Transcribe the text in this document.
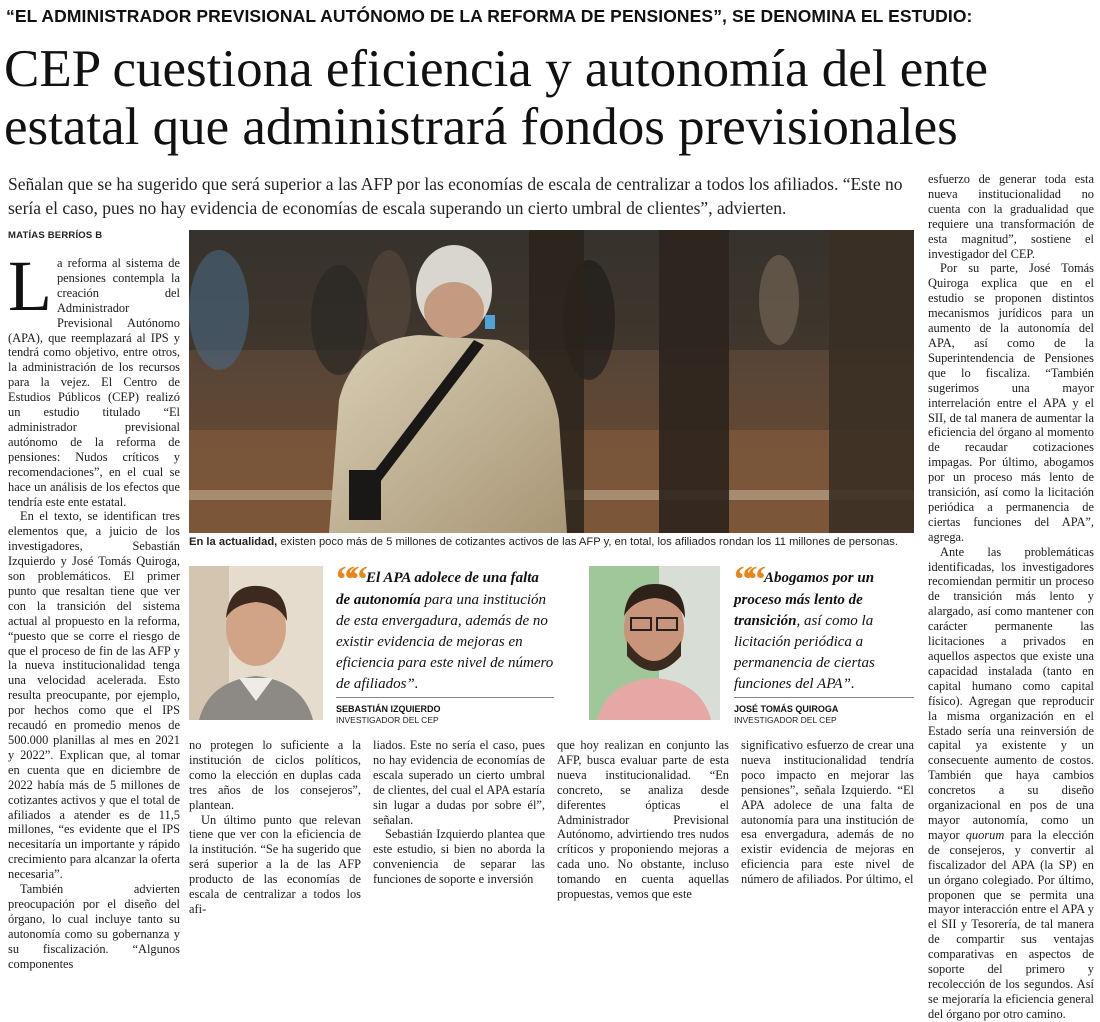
“EL ADMINISTRADOR PREVISIONAL AUTÓNOMO DE LA REFORMA DE PENSIONES”, SE DENOMINA EL ESTUDIO:
CEP cuestiona eficiencia y autonomía del ente
estatal que administrará fondos previsionales
Señalan que se ha sugerido que será superior a las AFP por las economías de escala de centralizar a todos los afiliados. “Este no sería el caso, pues no hay evidencia de economías de escala superando un cierto umbral de clientes”, advierten.
MATÍAS BERRÍOS B

La reforma al sistema de pensiones contempla la creación del Administrador Previsional Autónomo (APA), que reemplazará al IPS y tendrá como objetivo, entre otros, la administración de los recursos para la vejez. El Centro de Estudios Públicos (CEP) realizó un estudio titulado “El administrador previsional autónomo de la reforma de pensiones: Nudos críticos y recomendaciones”, en el cual se hace un análisis de los efectos que tendría este ente estatal.

En el texto, se identifican tres elementos que, a juicio de los investigadores, Sebastián Izquierdo y José Tomás Quiroga, son problemáticos. El primer punto que resaltan tiene que ver con la transición del sistema actual al propuesto en la reforma, “puesto que se corre el riesgo de que el proceso de fin de las AFP y la nueva institucionalidad tenga una velocidad acelerada. Esto resulta preocupante, por ejemplo, por hechos como que el IPS recaudó en promedio menos de 500.000 planillas al mes en 2021 y 2022”. Explican que, al tomar en cuenta que en diciembre de 2022 había más de 5 millones de cotizantes activos y que el total de afiliados a atender es de 11,5 millones, “es evidente que el IPS necesitaría un importante y rápido crecimiento para alcanzar la oferta necesaria”.

También advierten preocupación por el diseño del órgano, lo cual incluye tanto su autonomía como su gobernanza y su fiscalización. “Algunos componentes

En la actualidad, existen poco más de 5 millones de cotizantes activos de las AFP y, en total, los afiliados rondan los 11 millones de personas.
““ El APA adolece de una falta de autonomía para una institución de esta envergadura, además de no existir evidencia de mejoras en eficiencia para este nivel de número de afiliados”.
SEBASTIÁN IZQUIERDO
INVESTIGADOR DEL CEP
““ Abogamos por un proceso más lento de transición, así como la licitación periódica a permanencia de ciertas funciones del APA”.
JOSÉ TOMÁS QUIROGA
INVESTIGADOR DEL CEP

no protegen lo suficiente a la institución de ciclos políticos, como la elección en duplas cada tres años de los consejeros”, plantean.

Un último punto que relevan tiene que ver con la eficiencia de la institución. “Se ha sugerido que será superior a la de las AFP producto de las economías de escala de centralizar a todos los afi-

liados. Este no sería el caso, pues no hay evidencia de economías de escala superado un cierto umbral de clientes, del cual el APA estaría sin lugar a dudas por sobre él”, señalan.

Sebastián Izquierdo plantea que este estudio, si bien no aborda la conveniencia de separar las funciones de soporte e inversión

que hoy realizan en conjunto las AFP, busca evaluar parte de esta nueva institucionalidad. “En concreto, se analiza desde diferentes ópticas el Administrador Previsional Autónomo, advirtiendo tres nudos críticos y proponiendo mejoras a cada uno. No obstante, incluso tomando en cuenta aquellas propuestas, vemos que este

significativo esfuerzo de crear una nueva institucionalidad tendría poco impacto en mejorar las pensiones”, señala Izquierdo. “El APA adolece de una falta de autonomía para una institución de esa envergadura, además de no existir evidencia de mejoras en eficiencia para este nivel de número de afiliados. Por último, el

esfuerzo de generar toda esta nueva institucionalidad no cuenta con la gradualidad que requiere una transformación de esta magnitud”, sostiene el investigador del CEP.

Por su parte, José Tomás Quiroga explica que en el estudio se proponen distintos mecanismos jurídicos para un aumento de la autonomía del APA, así como de la Superintendencia de Pensiones que lo fiscaliza. “También sugerimos una mayor interrelación entre el APA y el SII, de tal manera de aumentar la eficiencia del órgano al momento de recaudar cotizaciones impagas. Por último, abogamos por un proceso más lento de transición, así como la licitación periódica a permanencia de ciertas funciones del APA”, agrega.

Ante las problemáticas identificadas, los investigadores recomiendan permitir un proceso de transición más lento y alargado, así como mantener con carácter permanente las licitaciones a privados en aquellos aspectos que existe una capacidad instalada (tanto en capital humano como capital físico). Agregan que reproducir la misma organización en el Estado sería una reinversión de capital ya existente y un consecuente aumento de costos. También que haya cambios concretos a su diseño organizacional en pos de una mayor autonomía, como un mayor quorum para la elección de consejeros, y convertir al fiscalizador del APA (la SP) en un órgano colegiado. Por último, proponen que se permita una mayor interacción entre el APA y el SII y Tesorería, de tal manera de compartir sus ventajas comparativas en aspectos de soporte del primero y recolección de los segundos. Así se mejoraría la eficiencia general del órgano por otro camino.
